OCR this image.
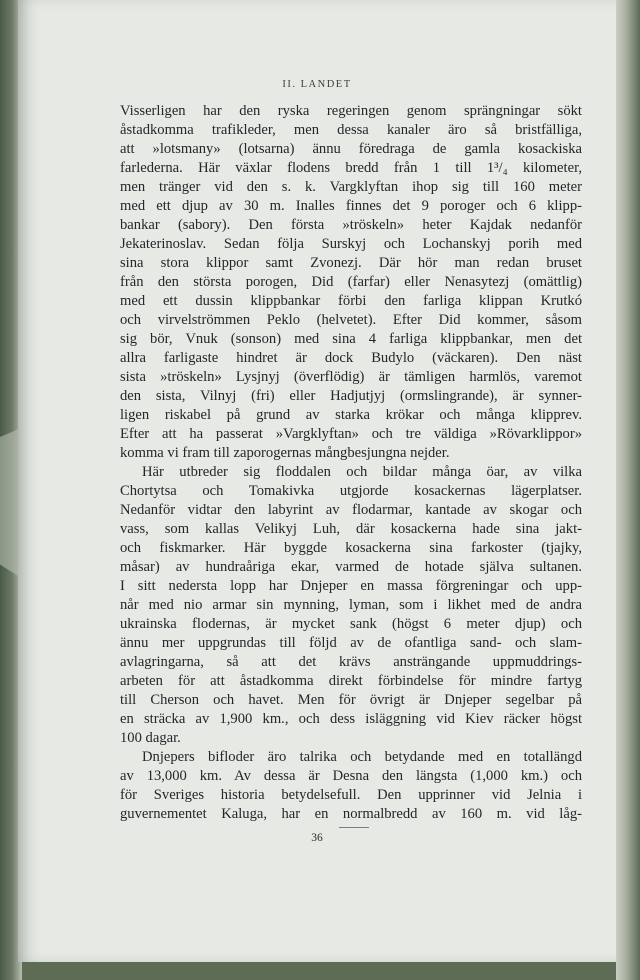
II. LANDET
Visserligen har den ryska regeringen genom sprängningar sökt
åstadkomma trafikleder, men dessa kanaler äro så bristfälliga,
att »lotsmany» (lotsarna) ännu föredraga de gamla kosackiska
farlederna. Här växlar flodens bredd från 1 till 1³/₄ kilometer,
men tränger vid den s. k. Vargklyftan ihop sig till 160 meter
med ett djup av 30 m. Inalles finnes det 9 poroger och 6 klipp-
bankar (sabory). Den första »tröskeln» heter Kajdak nedanför
Jekaterinoslav. Sedan följa Surskyj och Lochanskyj porih med
sina stora klippor samt Zvonezj. Där hör man redan bruset
från den största porogen, Did (farfar) eller Nenasytezj (omättlig)
med ett dussin klippbankar förbi den farliga klippan Krutkó
och virvelströmmen Peklo (helvetet). Efter Did kommer, såsom
sig bör, Vnuk (sonson) med sina 4 farliga klippbankar, men det
allra farligaste hindret är dock Budylo (väckaren). Den näst
sista »tröskeln» Lysjnyj (överflödig) är tämligen harmlös, varemot
den sista, Vilnyj (fri) eller Hadjutjyj (ormslingrande), är synner-
ligen riskabel på grund av starka krökar och många klipprev.
Efter att ha passerat »Vargklyftan» och tre väldiga »Rövarklippor»
komma vi fram till zaporogernas mångbesjungna nejder.
Här utbreder sig floddalen och bildar många öar, av vilka
Chortytsa och Tomakivka utgjorde kosackernas lägerplatser.
Nedanför vidtar den labyrint av flodarmar, kantade av skogar och
vass, som kallas Velikyj Luh, där kosackerna hade sina jakt-
och fiskmarker. Här byggde kosackerna sina farkoster (tjajky,
måsar) av hundraåriga ekar, varmed de hotade själva sultanen.
I sitt nedersta lopp har Dnjeper en massa förgreningar och upp-
når med nio armar sin mynning, lyman, som i likhet med de andra
ukrainska flodernas, är mycket sank (högst 6 meter djup) och
ännu mer uppgrundas till följd av de ofantliga sand- och slam-
avlagringarna, så att det krävs ansträngande uppmuddrings-
arbeten för att åstadkomma direkt förbindelse för mindre fartyg
till Cherson och havet. Men för övrigt är Dnjeper segelbar på
en sträcka av 1,900 km., och dess isläggning vid Kiev räcker högst
100 dagar.
Dnjepers bifloder äro talrika och betydande med en totallängd
av 13,000 km. Av dessa är Desna den längsta (1,000 km.) och
för Sveriges historia betydelsefull. Den upprinner vid Jelnia i
guvernementet Kaluga, har en normalbredd av 160 m. vid låg-
36
